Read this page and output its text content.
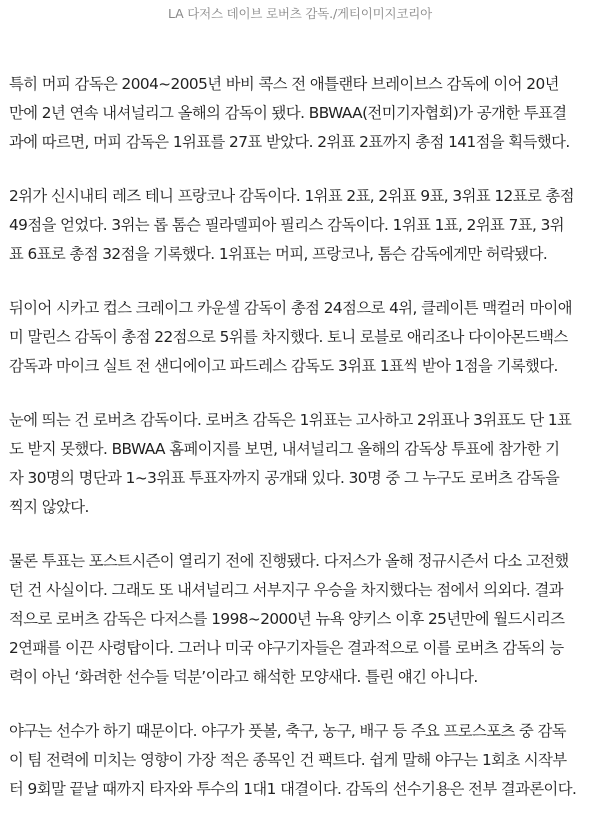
LA 다저스 데이브 로버츠 감독./게티이미지코리아

특히 머피 감독은 2004~2005년 바비 콕스 전 애틀랜타 브레이브스 감독에 이어 20년
만에 2년 연속 내셔널리그 올해의 감독이 됐다. BBWAA(전미기자협회)가 공개한 투표결
과에 따르면, 머피 감독은 1위표를 27표 받았다. 2위표 2표까지 총점 141점을 획득했다.

2위가 신시내티 레즈 테니 프랑코나 감독이다. 1위표 2표, 2위표 9표, 3위표 12표로 총점
49점을 얻었다. 3위는 롭 톰슨 필라델피아 필리스 감독이다. 1위표 1표, 2위표 7표, 3위
표 6표로 총점 32점을 기록했다. 1위표는 머피, 프랑코나, 톰슨 감독에게만 허락됐다.

뒤이어 시카고 컵스 크레이그 카운셀 감독이 총점 24점으로 4위, 클레이튼 맥컬러 마이애
미 말린스 감독이 총점 22점으로 5위를 차지했다. 토니 로블로 애리조나 다이아몬드백스
감독과 마이크 실트 전 샌디에이고 파드레스 감독도 3위표 1표씩 받아 1점을 기록했다.

눈에 띄는 건 로버츠 감독이다. 로버츠 감독은 1위표는 고사하고 2위표나 3위표도 단 1표
도 받지 못했다. BBWAA 홈페이지를 보면, 내셔널리그 올해의 감독상 투표에 참가한 기
자 30명의 명단과 1~3위표 투표자까지 공개돼 있다. 30명 중 그 누구도 로버츠 감독을
찍지 않았다.

물론 투표는 포스트시즌이 열리기 전에 진행됐다. 다저스가 올해 정규시즌서 다소 고전했
던 건 사실이다. 그래도 또 내셔널리그 서부지구 우승을 차지했다는 점에서 의외다. 결과
적으로 로버츠 감독은 다저스를 1998~2000년 뉴욕 양키스 이후 25년만에 월드시리즈
2연패를 이끈 사령탑이다. 그러나 미국 야구기자들은 결과적으로 이를 로버츠 감독의 능
력이 아닌 ‘화려한 선수들 덕분’이라고 해석한 모양새다. 틀린 얘긴 아니다.

야구는 선수가 하기 때문이다. 야구가 풋볼, 축구, 농구, 배구 등 주요 프로스포츠 중 감독
이 팀 전력에 미치는 영향이 가장 적은 종목인 건 팩트다. 쉽게 말해 야구는 1회초 시작부
터 9회말 끝날 때까지 타자와 투수의 1대1 대결이다. 감독의 선수기용은 전부 결과론이다.
